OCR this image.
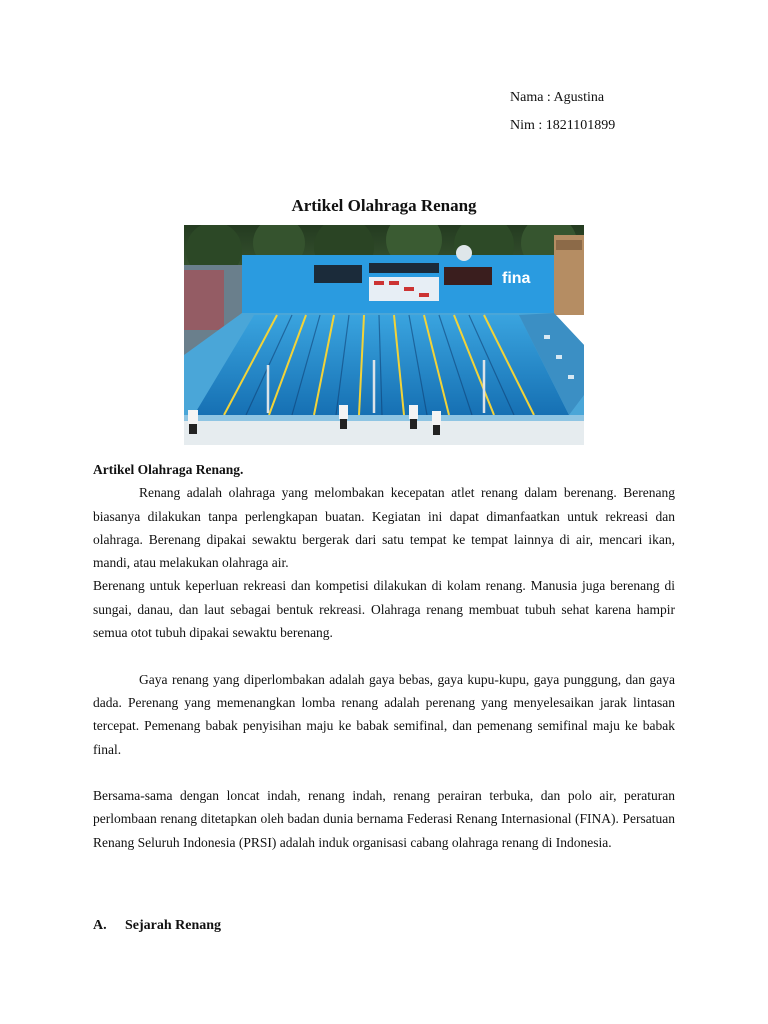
Nama : Agustina
Nim : 1821101899
Artikel Olahraga Renang
fina

Artikel Olahraga Renang.

Renang adalah olahraga yang melombakan kecepatan atlet renang dalam berenang. Berenang biasanya dilakukan tanpa perlengkapan buatan. Kegiatan ini dapat dimanfaatkan untuk rekreasi dan olahraga. Berenang dipakai sewaktu bergerak dari satu tempat ke tempat lainnya di air, mencari ikan, mandi, atau melakukan olahraga air.

Berenang untuk keperluan rekreasi dan kompetisi dilakukan di kolam renang. Manusia juga berenang di sungai, danau, dan laut sebagai bentuk rekreasi. Olahraga renang membuat tubuh sehat karena hampir semua otot tubuh dipakai sewaktu berenang.

Gaya renang yang diperlombakan adalah gaya bebas, gaya kupu-kupu, gaya punggung, dan gaya dada. Perenang yang memenangkan lomba renang adalah perenang yang menyelesaikan jarak lintasan tercepat. Pemenang babak penyisihan maju ke babak semifinal, dan pemenang semifinal maju ke babak final.

Bersama-sama dengan loncat indah, renang indah, renang perairan terbuka, dan polo air, peraturan perlombaan renang ditetapkan oleh badan dunia bernama Federasi Renang Internasional (FINA). Persatuan Renang Seluruh Indonesia (PRSI) adalah induk organisasi cabang olahraga renang di Indonesia.

A. Sejarah Renang
